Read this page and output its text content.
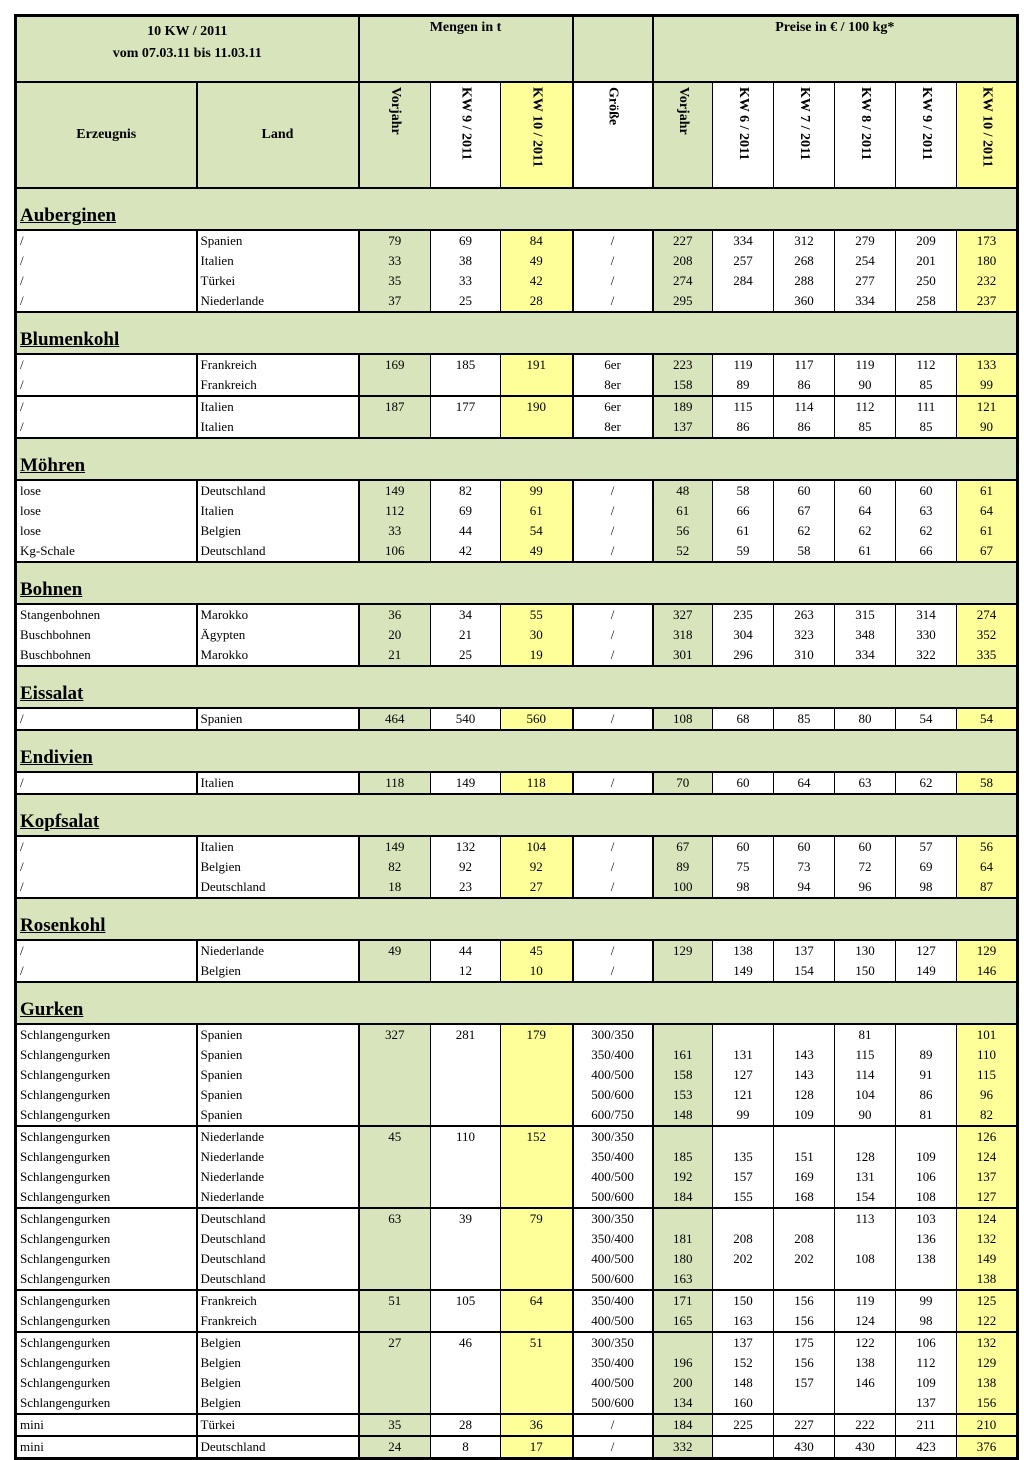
10 KW / 2011
vom 07.03.11 bis 11.03.11		Mengen in t				Preise in € / 100 kg*					
Erzeugnis	Land	Vorjahr	KW 9 / 2011	KW 10 / 2011	Größe	Vorjahr	KW 6 / 2011	KW 7 / 2011	KW 8 / 2011	KW 9 / 2011	KW 10 / 2011
Auberginen											
/	Spanien	79	69	84	/	227	334	312	279	209	173
/	Italien	33	38	49	/	208	257	268	254	201	180
/	Türkei	35	33	42	/	274	284	288	277	250	232
/	Niederlande	37	25	28	/	295		360	334	258	237
Blumenkohl											
/	Frankreich	169	185	191	6er	223	119	117	119	112	133
/	Frankreich				8er	158	89	86	90	85	99
/	Italien	187	177	190	6er	189	115	114	112	111	121
/	Italien				8er	137	86	86	85	85	90
Möhren											
lose	Deutschland	149	82	99	/	48	58	60	60	60	61
lose	Italien	112	69	61	/	61	66	67	64	63	64
lose	Belgien	33	44	54	/	56	61	62	62	62	61
Kg-Schale	Deutschland	106	42	49	/	52	59	58	61	66	67
Bohnen											
Stangenbohnen	Marokko	36	34	55	/	327	235	263	315	314	274
Buschbohnen	Ägypten	20	21	30	/	318	304	323	348	330	352
Buschbohnen	Marokko	21	25	19	/	301	296	310	334	322	335
Eissalat											
/	Spanien	464	540	560	/	108	68	85	80	54	54
Endivien											
/	Italien	118	149	118	/	70	60	64	63	62	58
Kopfsalat											
/	Italien	149	132	104	/	67	60	60	60	57	56
/	Belgien	82	92	92	/	89	75	73	72	69	64
/	Deutschland	18	23	27	/	100	98	94	96	98	87
Rosenkohl											
/	Niederlande	49	44	45	/	129	138	137	130	127	129
/	Belgien		12	10	/		149	154	150	149	146
Gurken											
Schlangengurken	Spanien	327	281	179	300/350				81		101
Schlangengurken	Spanien				350/400	161	131	143	115	89	110
Schlangengurken	Spanien				400/500	158	127	143	114	91	115
Schlangengurken	Spanien				500/600	153	121	128	104	86	96
Schlangengurken	Spanien				600/750	148	99	109	90	81	82
Schlangengurken	Niederlande	45	110	152	300/350						126
Schlangengurken	Niederlande				350/400	185	135	151	128	109	124
Schlangengurken	Niederlande				400/500	192	157	169	131	106	137
Schlangengurken	Niederlande				500/600	184	155	168	154	108	127
Schlangengurken	Deutschland	63	39	79	300/350				113	103	124
Schlangengurken	Deutschland				350/400	181	208	208		136	132
Schlangengurken	Deutschland				400/500	180	202	202	108	138	149
Schlangengurken	Deutschland				500/600	163					138
Schlangengurken	Frankreich	51	105	64	350/400	171	150	156	119	99	125
Schlangengurken	Frankreich				400/500	165	163	156	124	98	122
Schlangengurken	Belgien	27	46	51	300/350		137	175	122	106	132
Schlangengurken	Belgien				350/400	196	152	156	138	112	129
Schlangengurken	Belgien				400/500	200	148	157	146	109	138
Schlangengurken	Belgien				500/600	134	160			137	156
mini	Türkei	35	28	36	/	184	225	227	222	211	210
mini	Deutschland	24	8	17	/	332		430	430	423	376
